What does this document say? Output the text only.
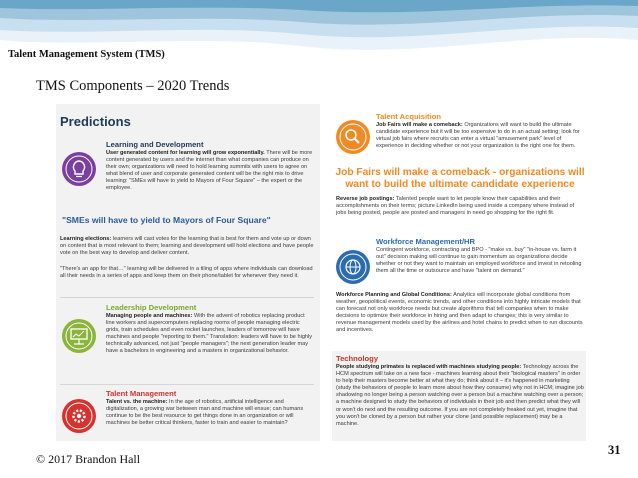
Talent Management System (TMS)
TMS Components – 2020 Trends
Predictions
Learning and Development
User generated content for learning will grow exponentially. There will be more content generated by users and the internet than what companies can produce on their own; organizations will need to hold learning summits with users to agree on what blend of user and corporate generated content will be the right mix to drive learning: "SMEs will have to yield to Mayors of Four Square" – the expert or the employee.
"SMEs will have to yield to Mayors of Four Square"
Learning elections: learners will cast votes for the learning that is best for them and vote up or down on content that is most relevant to them; learning and development will hold elections and have people vote on the best way to develop and deliver content.
"There's an app for that…" learning will be delivered in a tiling of apps where individuals can download all their needs in a series of apps and keep them on their phone/tablet for whenever they need it.
Leadership Development
Managing people and machines: With the advent of robotics replacing product line workers and supercomputers replacing rooms of people managing electric grids, train schedules and even rocket launches, leaders of tomorrow will have machines and people "reporting to them." Translation: leaders will have to be highly technically advanced, not just "people managers"; the next generation leader may have a bachelors in engineering and a masters in organizational behavior.
Talent Management
Talent vs. the machine: In the age of robotics, artificial intelligence and digitalization, a growing war between man and machine will ensue; can humans continue to be the best resource to get things done in an organization or will machines be better critical thinkers, faster to train and easier to maintain?
Talent Acquisition
Job Fairs will make a comeback: Organizations will want to build the ultimate candidate experience but it will be too expensive to do in an actual setting; look for virtual job fairs where recruits can enter a virtual "amusement park" level of experience in deciding whether or not your organization is the right one for them.
Job Fairs will make a comeback - organizations will want to build the ultimate candidate experience
Reverse job postings: Talented people want to let people know their capabilities and their accomplishments on their terms; picture LinkedIn being used inside a company where instead of jobs being posted, people are posted and managers in need go shopping for the right fit.
Workforce Management/HR
Contingent workforce, contracting and BPO - "make vs. buy" "in-house vs. farm it out" decision making will continue to gain momentum as organizations decide whether or not they want to maintain an employed workforce and invest in retooling them all the time or outsource and have "talent on demand."
Workforce Planning and Global Conditions: Analytics will incorporate global conditions from weather, geopolitical events, economic trends, and other conditions into highly intricate models that can forecast not only workforce needs but create algorithms that tell companies when to make decisions to optimize their workforce in hiring and then adapt to changes; this is very similar to revenue management models used by the airlines and hotel chains to predict when to run discounts and incentives.
Technology
People studying primates is replaced with machines studying people: Technology across the HCM spectrum will take on a new face - machines learning about their "biological masters" in order to help their masters become better at what they do; think about it – it's happened in marketing (study the behaviors of people to learn more about how they consume) why not in HCM; imagine job shadowing no longer being a person watching over a person but a machine watching over a person; a machine designed to study the behaviors of individuals in their job and then predict what they will or won't do next and the resulting outcome. If you are not completely freaked out yet, imagine that you won't be cloned by a person but rather your clone (and possible replacement) may be a machine.
© 2017 Brandon Hall
31
